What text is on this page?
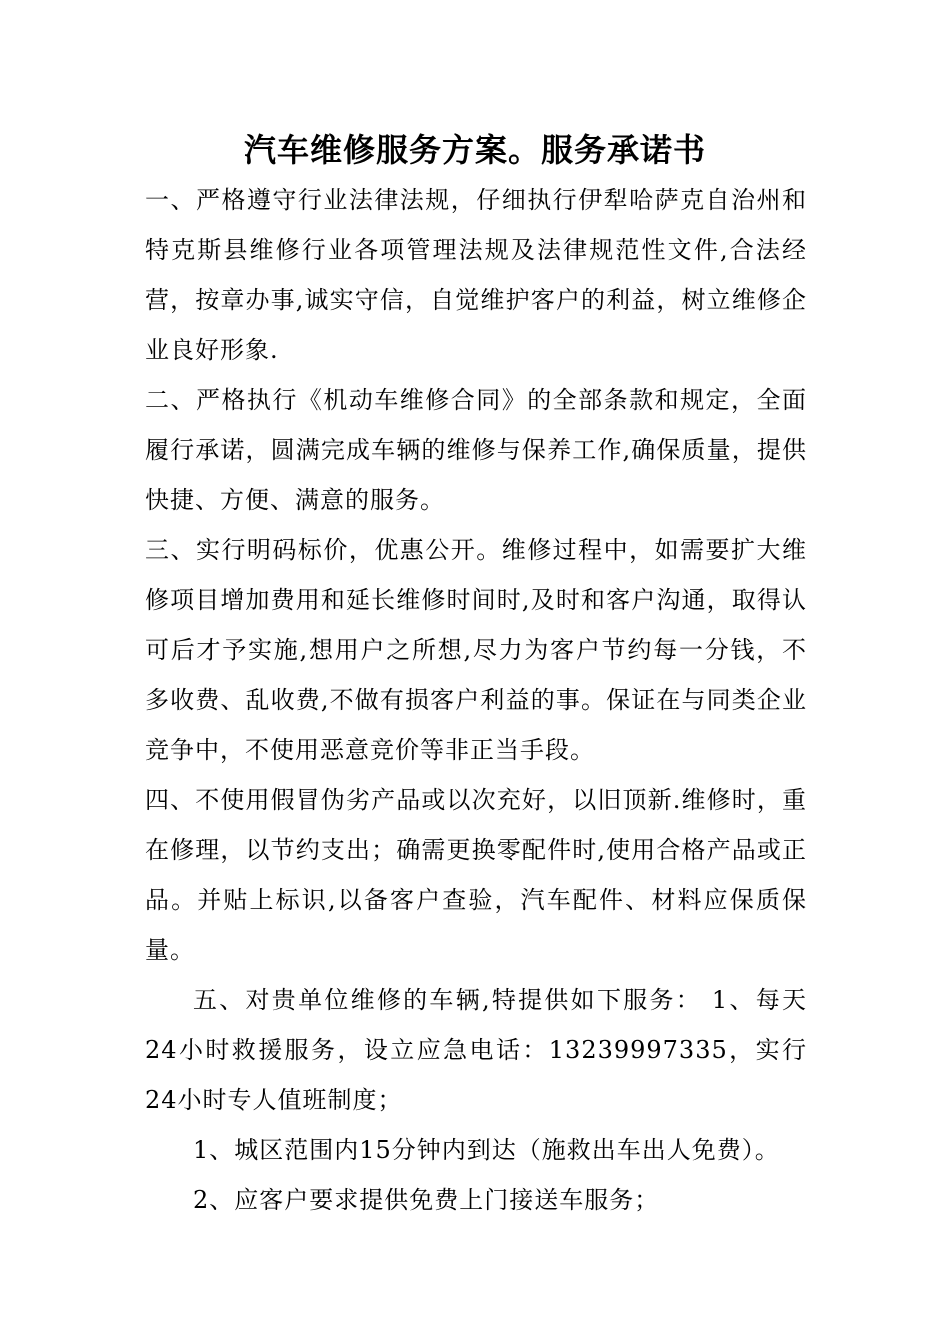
汽车维修服务方案。服务承诺书

一、严格遵守行业法律法规，仔细执行伊犁哈萨克自治州和特克斯县维修行业各项管理法规及法律规范性文件,合法经营，按章办事,诚实守信，自觉维护客户的利益，树立维修企业良好形象.

二、严格执行《机动车维修合同》的全部条款和规定，全面履行承诺，圆满完成车辆的维修与保养工作,确保质量，提供快捷、方便、满意的服务。

三、实行明码标价，优惠公开。维修过程中，如需要扩大维修项目增加费用和延长维修时间时,及时和客户沟通，取得认可后才予实施,想用户之所想,尽力为客户节约每一分钱，不多收费、乱收费,不做有损客户利益的事。保证在与同类企业竞争中，不使用恶意竞价等非正当手段。

四、不使用假冒伪劣产品或以次充好，以旧顶新.维修时，重在修理，以节约支出；确需更换零配件时,使用合格产品或正品。并贴上标识,以备客户查验，汽车配件、材料应保质保量。

五、对贵单位维修的车辆,特提供如下服务： 1、每天24小时救援服务，设立应急电话：13239997335，实行24小时专人值班制度；

1、城区范围内15分钟内到达（施救出车出人免费）。

2、应客户要求提供免费上门接送车服务；
